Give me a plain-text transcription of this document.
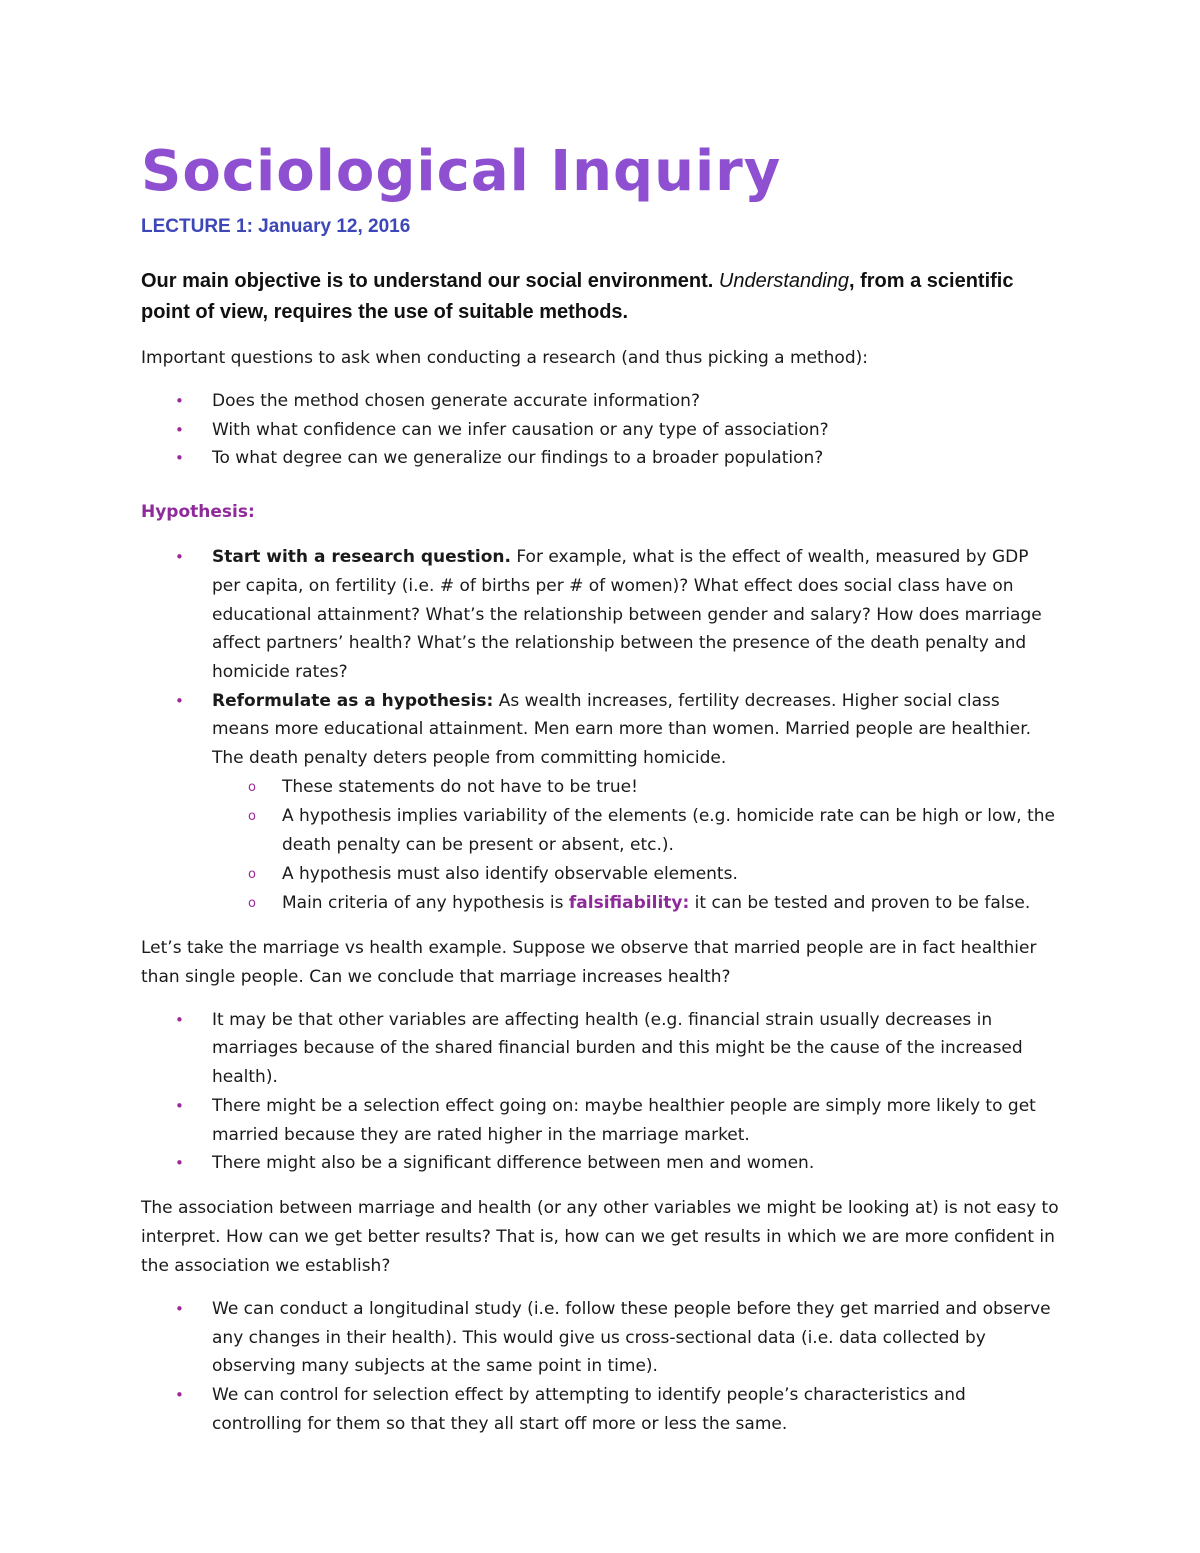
Sociological Inquiry
LECTURE 1: January 12, 2016

Our main objective is to understand our social environment. Understanding, from a scientific point of view, requires the use of suitable methods.

Important questions to ask when conducting a research (and thus picking a method):

• Does the method chosen generate accurate information?
• With what confidence can we infer causation or any type of association?
• To what degree can we generalize our findings to a broader population?
Hypothesis:
• Start with a research question. For example, what is the effect of wealth, measured by GDP per capita, on fertility (i.e. # of births per # of women)? What effect does social class have on educational attainment? What’s the relationship between gender and salary? How does marriage affect partners’ health? What’s the relationship between the presence of the death penalty and homicide rates?
• Reformulate as a hypothesis: As wealth increases, fertility decreases. Higher social class means more educational attainment. Men earn more than women. Married people are healthier. The death penalty deters people from committing homicide.
o These statements do not have to be true!
o A hypothesis implies variability of the elements (e.g. homicide rate can be high or low, the death penalty can be present or absent, etc.).
o A hypothesis must also identify observable elements.
o Main criteria of any hypothesis is falsifiability: it can be tested and proven to be false.

Let’s take the marriage vs health example. Suppose we observe that married people are in fact healthier than single people. Can we conclude that marriage increases health?

• It may be that other variables are affecting health (e.g. financial strain usually decreases in marriages because of the shared financial burden and this might be the cause of the increased health).
• There might be a selection effect going on: maybe healthier people are simply more likely to get married because they are rated higher in the marriage market.
• There might also be a significant difference between men and women.

The association between marriage and health (or any other variables we might be looking at) is not easy to interpret. How can we get better results? That is, how can we get results in which we are more confident in the association we establish?

• We can conduct a longitudinal study (i.e. follow these people before they get married and observe any changes in their health). This would give us cross-sectional data (i.e. data collected by observing many subjects at the same point in time).
• We can control for selection effect by attempting to identify people’s characteristics and controlling for them so that they all start off more or less the same.
